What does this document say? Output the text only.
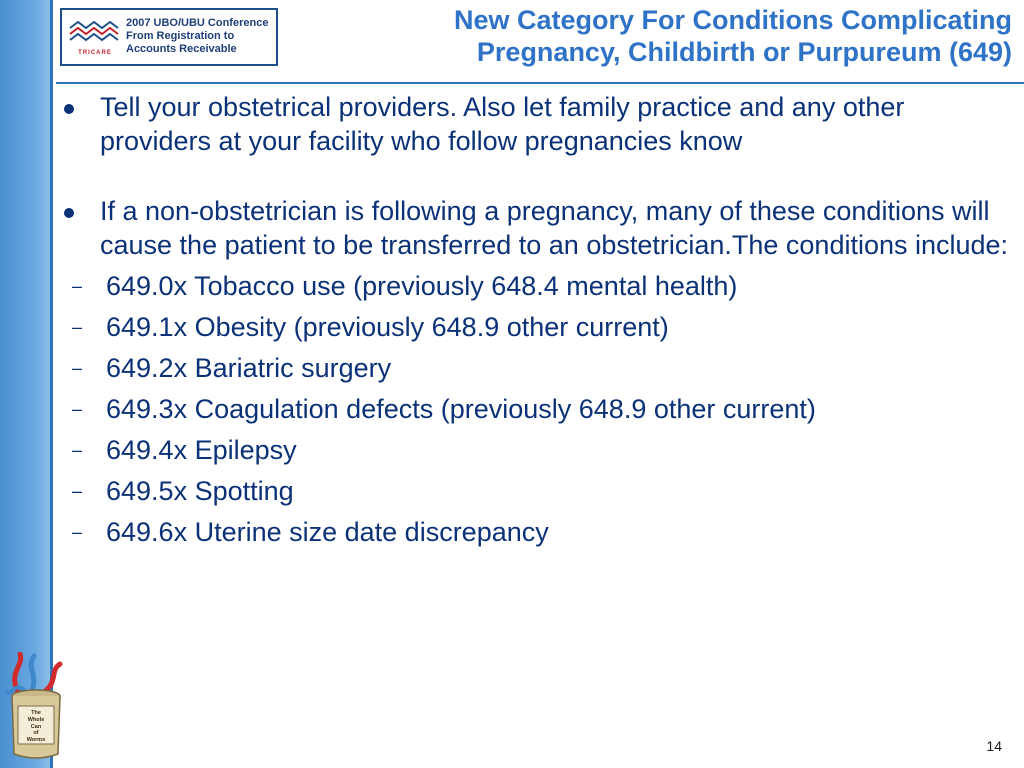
TRICARE
2007 UBO/UBU Conference
From Registration to
Accounts Receivable
New Category For Conditions Complicating
Pregnancy, Childbirth or Purpureum (649)
Tell your obstetrical providers. Also let family practice and any other providers at your facility who follow pregnancies know
If a non-obstetrician is following a pregnancy, many of these conditions will cause the patient to be transferred to an obstetrician.The conditions include:
– 649.0x Tobacco use (previously 648.4 mental health)
– 649.1x Obesity (previously 648.9 other current)
– 649.2x Bariatric surgery
– 649.3x Coagulation defects (previously 648.9 other current)
– 649.4x Epilepsy
– 649.5x Spotting
– 649.6x Uterine size date discrepancy
The
Whole
Can
of
Worms	14
